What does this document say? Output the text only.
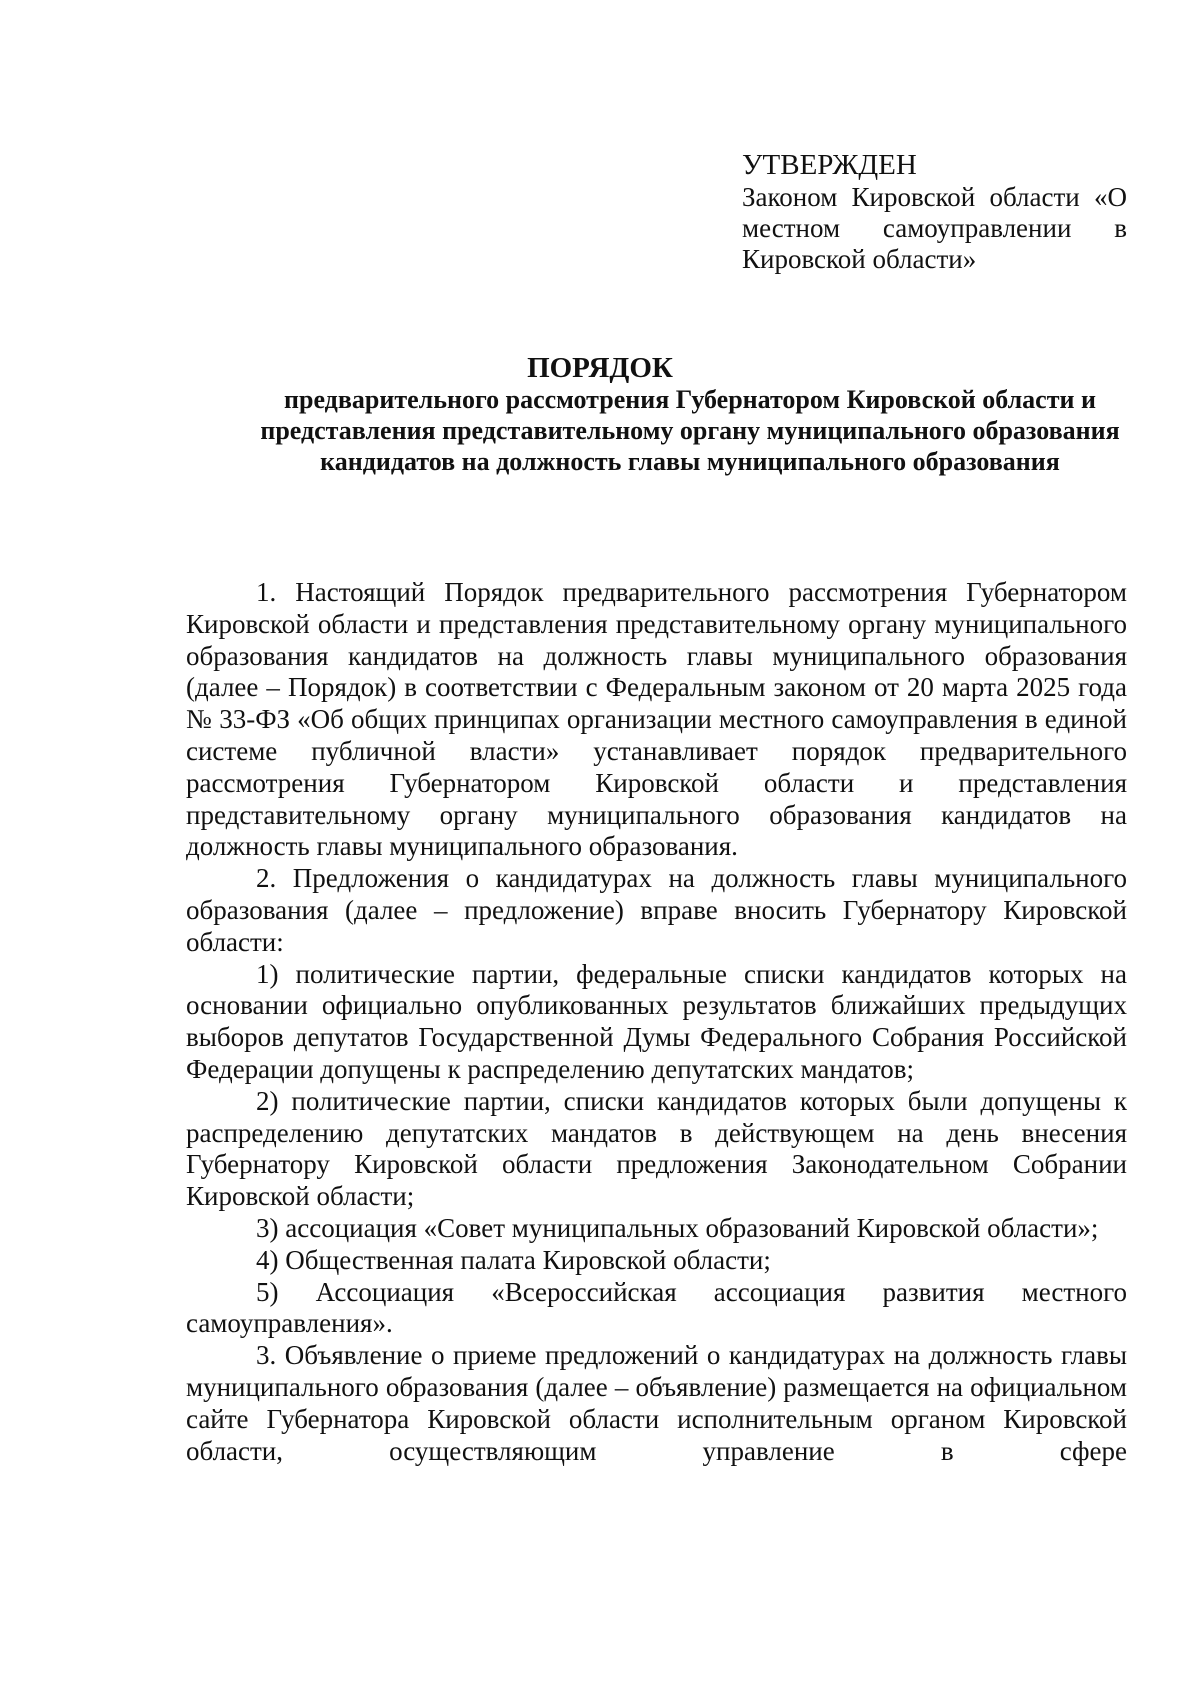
УТВЕРЖДЕН
Законом Кировской области «О местном самоуправлении в Кировской области»
ПОРЯДОК
предварительного рассмотрения Губернатором Кировской области и представления представительному органу муниципального образования кандидатов на должность главы муниципального образования

1. Настоящий Порядок предварительного рассмотрения Губернатором Кировской области и представления представительному органу муниципального образования кандидатов на должность главы муниципального образования (далее – Порядок) в соответствии с Федеральным законом от 20 марта 2025 года № 33-ФЗ «Об общих принципах организации местного самоуправления в единой системе публичной власти» устанавливает порядок предварительного рассмотрения Губернатором Кировской области и представления представительному органу муниципального образования кандидатов на должность главы муниципального образования.

2. Предложения о кандидатурах на должность главы муниципального образования (далее – предложение) вправе вносить Губернатору Кировской области:

1) политические партии, федеральные списки кандидатов которых на основании официально опубликованных результатов ближайших предыдущих выборов депутатов Государственной Думы Федерального Собрания Российской Федерации допущены к распределению депутатских мандатов;

2) политические партии, списки кандидатов которых были допущены к распределению депутатских мандатов в действующем на день внесения Губернатору Кировской области предложения Законодательном Собрании Кировской области;

3) ассоциация «Совет муниципальных образований Кировской области»;

4) Общественная палата Кировской области;

5) Ассоциация «Всероссийская ассоциация развития местного самоуправления».

3. Объявление о приеме предложений о кандидатурах на должность главы муниципального образования (далее – объявление) размещается на официальном сайте Губернатора Кировской области исполнительным органом Кировской области, осуществляющим управление в сфере
